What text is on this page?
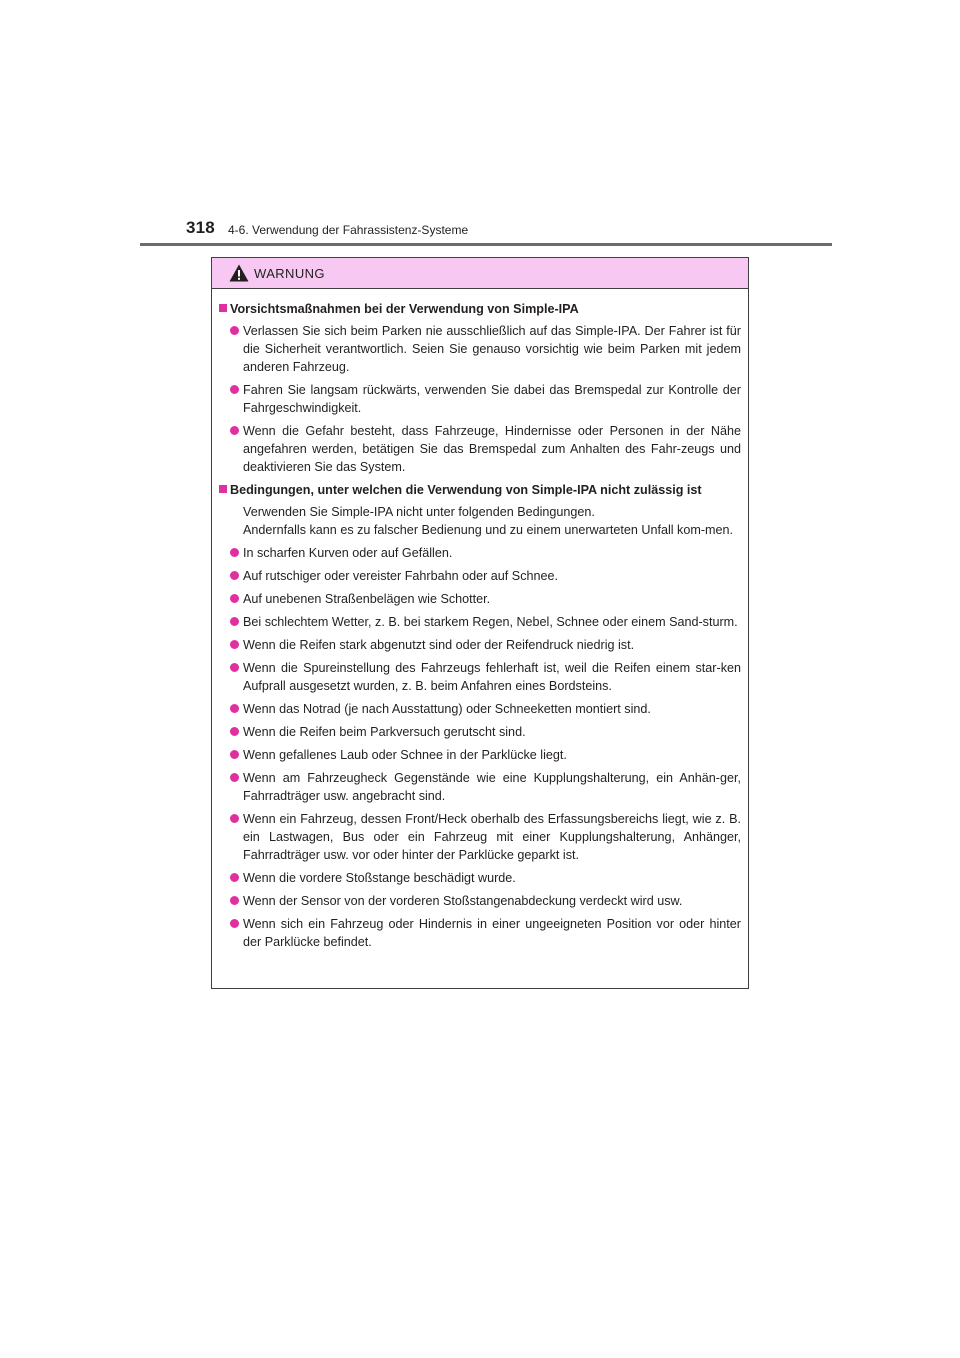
318 4-6. Verwendung der Fahrassistenz-Systeme
WARNUNG
Vorsichtsmaßnahmen bei der Verwendung von Simple-IPA
Verlassen Sie sich beim Parken nie ausschließlich auf das Simple-IPA. Der Fahrer ist für die Sicherheit verantwortlich. Seien Sie genauso vorsichtig wie beim Parken mit jedem anderen Fahrzeug.
Fahren Sie langsam rückwärts, verwenden Sie dabei das Bremspedal zur Kontrolle der Fahrgeschwindigkeit.
Wenn die Gefahr besteht, dass Fahrzeuge, Hindernisse oder Personen in der Nähe angefahren werden, betätigen Sie das Bremspedal zum Anhalten des Fahr-zeugs und deaktivieren Sie das System.
Bedingungen, unter welchen die Verwendung von Simple-IPA nicht zulässig ist
Verwenden Sie Simple-IPA nicht unter folgenden Bedingungen.
Andernfalls kann es zu falscher Bedienung und zu einem unerwarteten Unfall kom-men.
In scharfen Kurven oder auf Gefällen.
Auf rutschiger oder vereister Fahrbahn oder auf Schnee.
Auf unebenen Straßenbelägen wie Schotter.
Bei schlechtem Wetter, z. B. bei starkem Regen, Nebel, Schnee oder einem Sand-sturm.
Wenn die Reifen stark abgenutzt sind oder der Reifendruck niedrig ist.
Wenn die Spureinstellung des Fahrzeugs fehlerhaft ist, weil die Reifen einem star-ken Aufprall ausgesetzt wurden, z. B. beim Anfahren eines Bordsteins.
Wenn das Notrad (je nach Ausstattung) oder Schneeketten montiert sind.
Wenn die Reifen beim Parkversuch gerutscht sind.
Wenn gefallenes Laub oder Schnee in der Parklücke liegt.
Wenn am Fahrzeugheck Gegenstände wie eine Kupplungshalterung, ein Anhän-ger, Fahrradträger usw. angebracht sind.
Wenn ein Fahrzeug, dessen Front/Heck oberhalb des Erfassungsbereichs liegt, wie z. B. ein Lastwagen, Bus oder ein Fahrzeug mit einer Kupplungshalterung, Anhänger, Fahrradträger usw. vor oder hinter der Parklücke geparkt ist.
Wenn die vordere Stoßstange beschädigt wurde.
Wenn der Sensor von der vorderen Stoßstangenabdeckung verdeckt wird usw.
Wenn sich ein Fahrzeug oder Hindernis in einer ungeeigneten Position vor oder hinter der Parklücke befindet.
